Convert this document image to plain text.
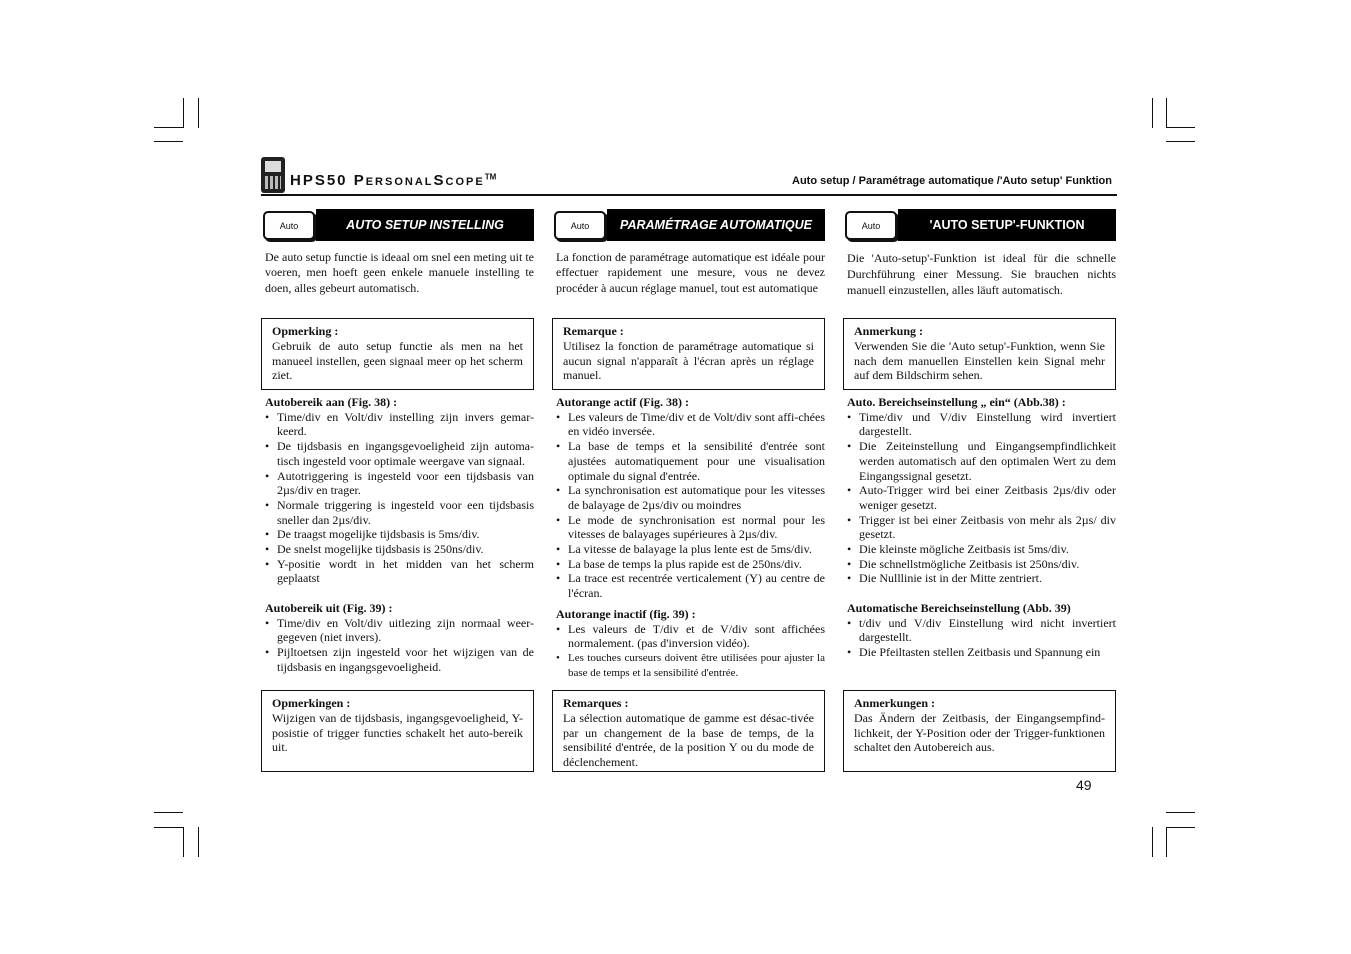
HPS50 PERSONALSCOPE™	Auto setup / Paramétrage automatique /'Auto setup' Funktion
Auto	AUTO SETUP INSTELLING
De auto setup functie is ideaal om snel een meting uit te voeren, men hoeft geen enkele manuele instelling te doen, alles gebeurt automatisch.
Opmerking :
Gebruik de auto setup functie als men na het manueel instellen, geen signaal meer op het scherm ziet.
Autobereik aan (Fig. 38) :
• Time/div en Volt/div instelling zijn invers gemar-keerd.
• De tijdsbasis en ingangsgevoeligheid zijn automa-tisch ingesteld voor optimale weergave van signaal.
• Autotriggering is ingesteld voor een tijdsbasis van 2µs/div en trager.
• Normale triggering is ingesteld voor een tijdsbasis sneller dan 2µs/div.
• De traagst mogelijke tijdsbasis is 5ms/div.
• De snelst mogelijke tijdsbasis is 250ns/div.
• Y-positie wordt in het midden van het scherm geplaatst
Autobereik uit (Fig. 39) :
• Time/div en Volt/div uitlezing zijn normaal weer-gegeven (niet invers).
• Pijltoetsen zijn ingesteld voor het wijzigen van de tijdsbasis en ingangsgevoeligheid.
Opmerkingen :
Wijzigen van de tijdsbasis, ingangsgevoeligheid, Y-posistie of trigger functies schakelt het auto-bereik uit.
Auto	PARAMÉTRAGE AUTOMATIQUE
La fonction de paramétrage automatique est idéale pour effectuer rapidement une mesure, vous ne devez procéder à aucun réglage manuel, tout est automatique
Remarque :
Utilisez la fonction de paramétrage automatique si aucun signal n'apparaît à l'écran après un réglage manuel.
Autorange actif (Fig. 38) :
• Les valeurs de Time/div et de Volt/div sont affi-chées en vidéo inversée.
• La base de temps et la sensibilité d'entrée sont ajustées automatiquement pour une visualisation optimale du signal d'entrée.
• La synchronisation est automatique pour les vitesses de balayage de 2µs/div ou moindres
• Le mode de synchronisation est normal pour les vitesses de balayages supérieures à 2µs/div.
• La vitesse de balayage la plus lente est de 5ms/div.
• La base de temps la plus rapide est de 250ns/div.
• La trace est recentrée verticalement (Y) au centre de l'écran.
Autorange inactif (fig. 39) :
• Les valeurs de T/div et de V/div sont affichées normalement. (pas d'inversion vidéo).
• Les touches curseurs doivent être utilisées pour ajuster la base de temps et la sensibilité d'entrée.
Remarques :
La sélection automatique de gamme est désac-tivée par un changement de la base de temps, de la sensibilité d'entrée, de la position Y ou du mode de déclenchement.
Auto	'AUTO SETUP'-FUNKTION
Die 'Auto-setup'-Funktion ist ideal für die schnelle Durchführung einer Messung. Sie brauchen nichts manuell einzustellen, alles läuft automatisch.
Anmerkung :
Verwenden Sie die 'Auto setup'-Funktion, wenn Sie nach dem manuellen Einstellen kein Signal mehr auf dem Bildschirm sehen.
Auto. Bereichseinstellung „ ein“ (Abb.38) :
• Time/div und V/div Einstellung wird invertiert dargestellt.
• Die Zeiteinstellung und Eingangsempfindlichkeit werden automatisch auf den optimalen Wert zu dem Eingangssignal gesetzt.
• Auto-Trigger wird bei einer Zeitbasis 2µs/div oder weniger gesetzt.
• Trigger ist bei einer Zeitbasis von mehr als 2µs/ div gesetzt.
• Die kleinste mögliche Zeitbasis ist 5ms/div.
• Die schnellstmögliche Zeitbasis ist 250ns/div.
• Die Nulllinie ist in der Mitte zentriert.
Automatische Bereichseinstellung (Abb. 39)
• t/div und V/div Einstellung wird nicht invertiert dargestellt.
• Die Pfeiltasten stellen Zeitbasis und Spannung ein
Anmerkungen :
Das Ändern der Zeitbasis, der Eingangsempfind-lichkeit, der Y-Position oder der Trigger-funktionen schaltet den Autobereich aus.
49
